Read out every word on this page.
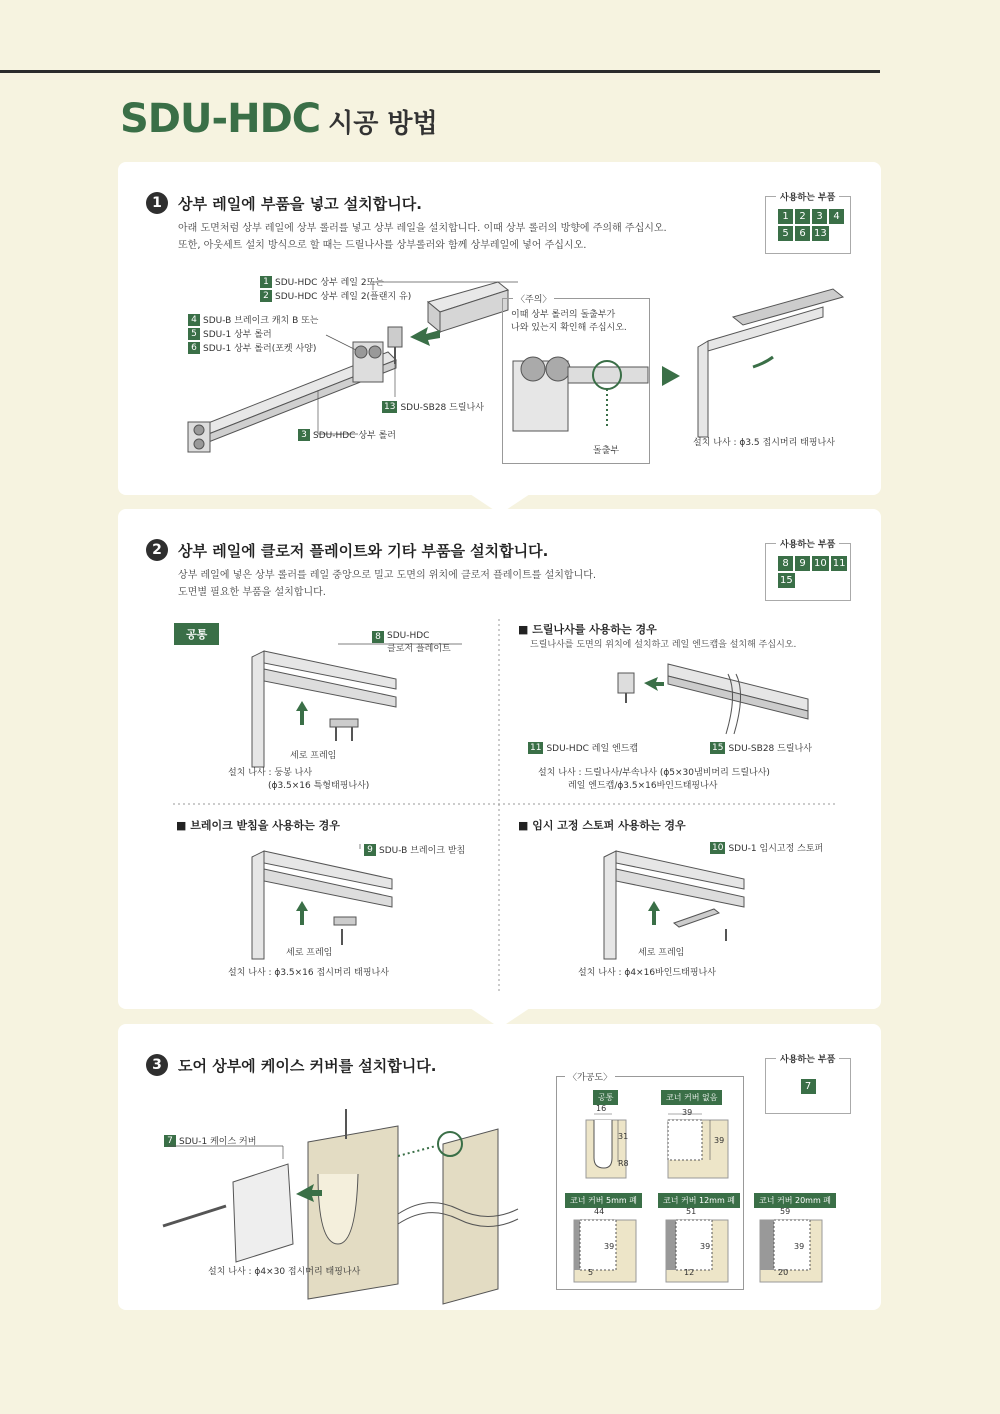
SDU-HDC 시공 방법
1	상부 레일에 부품을 넣고 설치합니다.
아래 도면처럼 상부 레일에 상부 롤러를 넣고 상부 레일을 설치합니다. 이때 상부 롤러의 방향에 주의해 주십시오.
또한, 아웃세트 설치 방식으로 할 때는 드릴나사를 상부롤러와 함께 상부레일에 넣어 주십시오.
사용하는 부품
1	2	3	4
5	6 13
1 SDU-HDC 상부 레일 2또는
2 SDU-HDC 상부 레일 2(플랜지 유)
4 SDU-B 브레이크 캐치 B 또는
5 SDU-1 상부 롤러
6 SDU-1 상부 롤러(포켓 사양)
13 SDU-SB28 드릴나사
3 SDU-HDC 상부 롤러
〈주의〉
이때 상부 롤러의 돌출부가
나와 있는지 확인해 주십시오.
돌출부
설치 나사 : ϕ3.5 접시머리 태핑나사
2	상부 레일에 클로저 플레이트와 기타 부품을 설치합니다.
상부 레일에 넣은 상부 롤러를 레일 중앙으로 밀고 도면의 위치에 클로저 플레이트를 설치합니다.
도면별 필요한 부품을 설치합니다.
사용하는 부품
8	9 10 11
15
공통	8 SDU-HDC
클로저 플레이트
세로 프레임
설치 나사 : 둥봉 나사
(ϕ3.5×16 특형태핑나사)
■ 드릴나사를 사용하는 경우
드릴나사를 도면의 위치에 설치하고 레일 엔드캡을 설치해 주십시오.
11 SDU-HDC 레일 엔드캡	15 SDU-SB28 드릴나사
설치 나사 : 드릴나사/부속나사 (ϕ5×30냄비머리 드릴나사)
레일 엔드캡/ϕ3.5×16바인드태핑나사
■ 브레이크 받침을 사용하는 경우
9 SDU-B 브레이크 받침
세로 프레임
설치 나사 : ϕ3.5×16 접시머리 태핑나사
■ 임시 고정 스토퍼 사용하는 경우
10 SDU-1 임시고정 스토퍼
세로 프레임
설치 나사 : ϕ4×16바인드태핑나사
3	도어 상부에 케이스 커버를 설치합니다.	사용하는 부품
7
7 SDU-1 케이스 커버
설치 나사 : ϕ4×30 접시머리 태핑나사
〈가공도〉
공통	코너 커버 없음
16
31
R8
39
39
코너 커버 5mm 폐	코너 커버 12mm 폐	코너 커버 20mm 폐
44
39
5
51
39
12
59
39
20
